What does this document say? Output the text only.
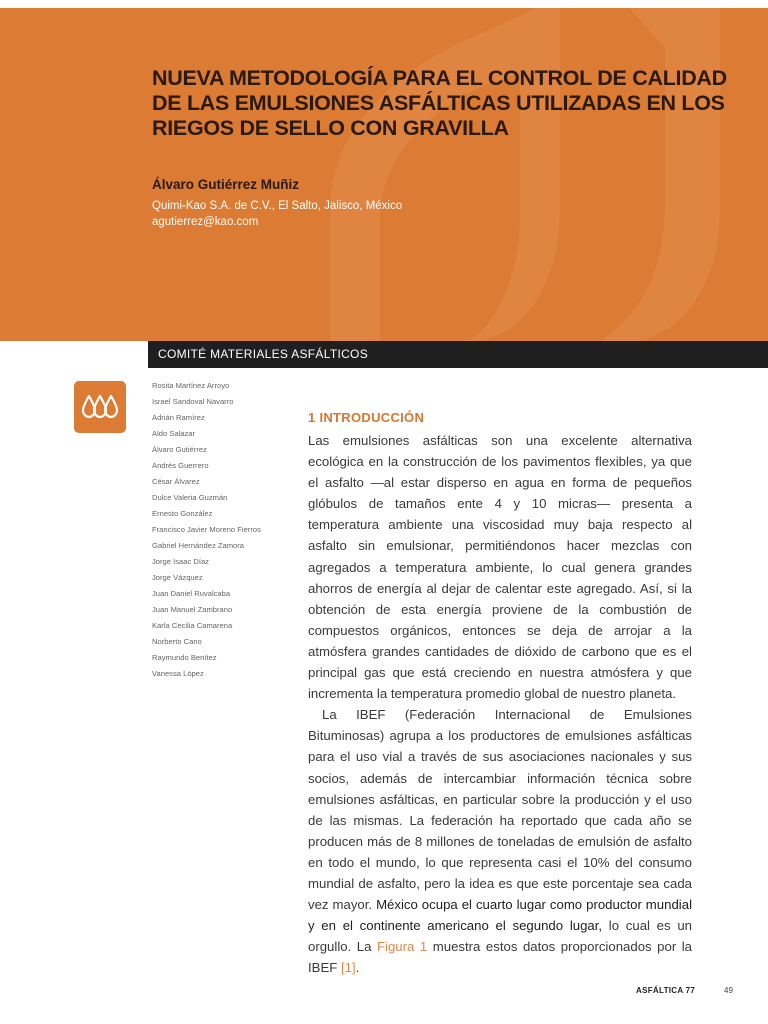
NUEVA METODOLOGÍA PARA EL CONTROL DE CALIDAD DE LAS EMULSIONES ASFÁLTICAS UTILIZADAS EN LOS RIEGOS DE SELLO CON GRAVILLA
Álvaro Gutiérrez Muñiz
Quimi-Kao S.A. de C.V., El Salto, Jalisco, México
agutierrez@kao.com
COMITÉ MATERIALES ASFÁLTICOS
Rosita Martínez Arroyo
Israel Sandoval Navarro
Adrián Ramírez
Aldo Salazar
Álvaro Gutiérrez
Andrés Guerrero
César Álvarez
Dulce Valeria Guzmán
Ernesto González
Francisco Javier Moreno Fierros
Gabriel Hernández Zamora
Jorge Isaac Díaz
Jorge Vázquez
Juan Daniel Ruvalcaba
Juan Manuel Zambrano
Karla Cecilia Camarena
Norberto Cano
Raymundo Benítez
Vanessa López
1 INTRODUCCIÓN

Las emulsiones asfálticas son una excelente alternativa ecológica en la construcción de los pavimentos flexibles, ya que el asfalto —al estar disperso en agua en forma de pequeños glóbulos de tamaños ente 4 y 10 micras— presenta a temperatura ambiente una viscosidad muy baja respecto al asfalto sin emulsionar, permitiéndonos hacer mezclas con agregados a temperatura ambiente, lo cual genera grandes ahorros de energía al dejar de calentar este agregado. Así, si la obtención de esta energía proviene de la combustión de compuestos orgánicos, entonces se deja de arrojar a la atmósfera grandes cantidades de dióxido de carbono que es el principal gas que está creciendo en nuestra atmósfera y que incrementa la temperatura promedio global de nuestro planeta.

La IBEF (Federación Internacional de Emulsiones Bituminosas) agrupa a los productores de emulsiones asfálticas para el uso vial a través de sus asociaciones nacionales y sus socios, además de intercambiar información técnica sobre emulsiones asfálticas, en particular sobre la producción y el uso de las mismas. La federación ha reportado que cada año se producen más de 8 millones de toneladas de emulsión de asfalto en todo el mundo, lo que representa casi el 10% del consumo mundial de asfalto, pero la idea es que este porcentaje sea cada vez mayor. México ocupa el cuarto lugar como productor mundial y en el continente americano el segundo lugar, lo cual es un orgullo. La Figura 1 muestra estos datos proporcionados por la IBEF [1].

ASFÁLTICA 77	49
